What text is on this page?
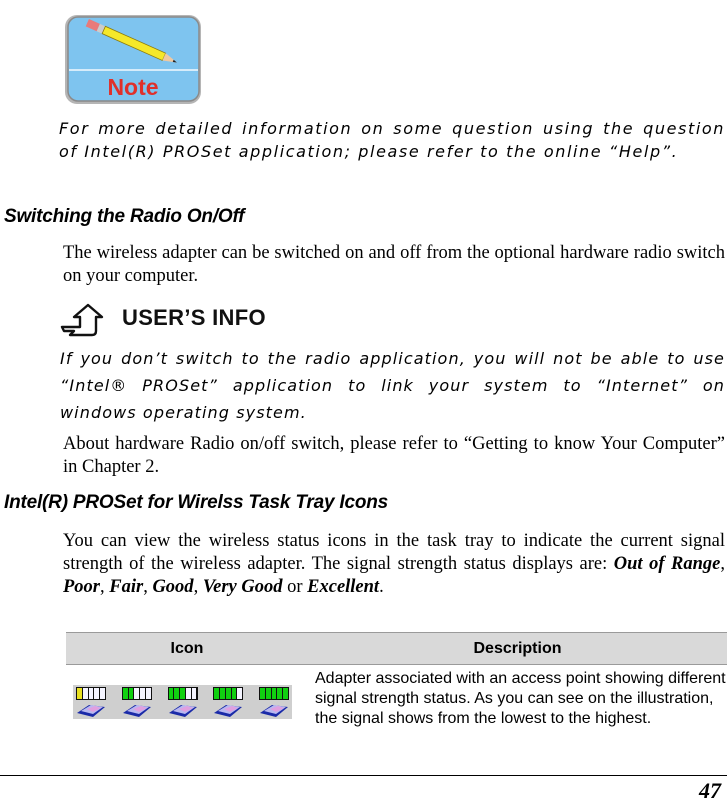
Note
For more detailed information on some question using the question of Intel(R) PROSet application; please refer to the online “Help”.
Switching the Radio On/Off
The wireless adapter can be switched on and off from the optional hardware radio switch on your computer.
USER’S INFO
If you don’t switch to the radio application, you will not be able to use “Intel® PROSet” application to link your system to “Internet” on windows operating system.
About hardware Radio on/off switch, please refer to “Getting to know Your Computer” in Chapter 2.
Intel(R) PROSet for Wirelss Task Tray Icons
You can view the wireless status icons in the task tray to indicate the current signal strength of the wireless adapter. The signal strength status displays are: Out of Range, Poor, Fair, Good, Very Good or Excellent.
Icon	Description
Adapter associated with an access point showing different signal strength status. As you can see on the illustration, the signal shows from the lowest to the highest.
47
